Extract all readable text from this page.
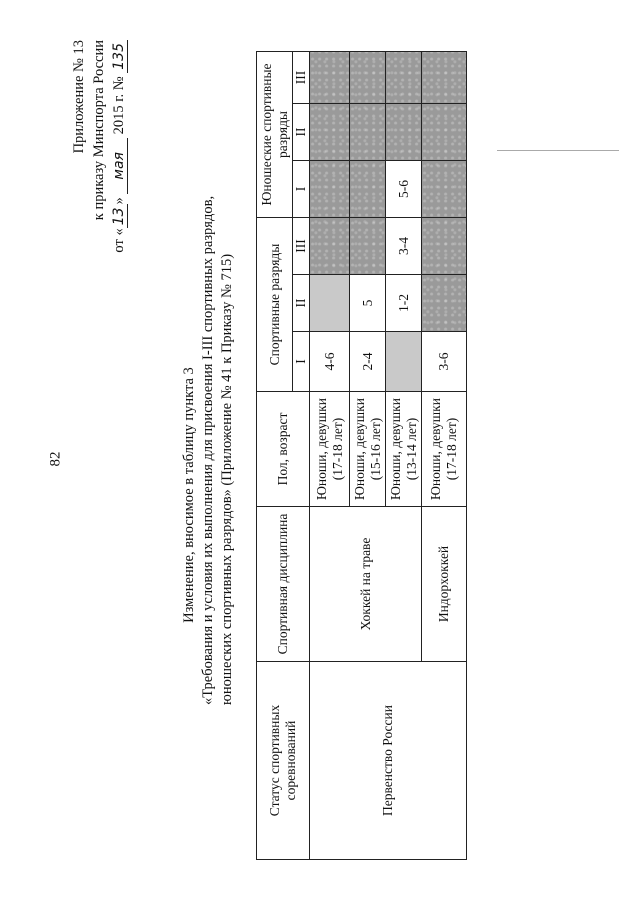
82
Приложение № 13 к приказу Минспорта России
от «13» мая 2015 г. № 135
Изменение, вносимое в таблицу пункта 3 «Требования и условия их выполнения для присвоения I-III спортивных разрядов, юношеских спортивных разрядов» (Приложение № 41 к Приказу № 715)
Статус спортивных соревнований	Спортивная дисциплина	Пол, возраст	Спортивные разряды			Юношеские спортивные разряды		
			I	II	III	I	II	III
Первенство России	Хоккей на траве	Юноши, девушки (17-18 лет)	4-6					
		Юноши, девушки (15-16 лет)	2-4	5				
		Юноши, девушки (13-14 лет)		1-2	3-4	5-6		
	Индорхоккей	Юноши, девушки (17-18 лет)	3-6					
